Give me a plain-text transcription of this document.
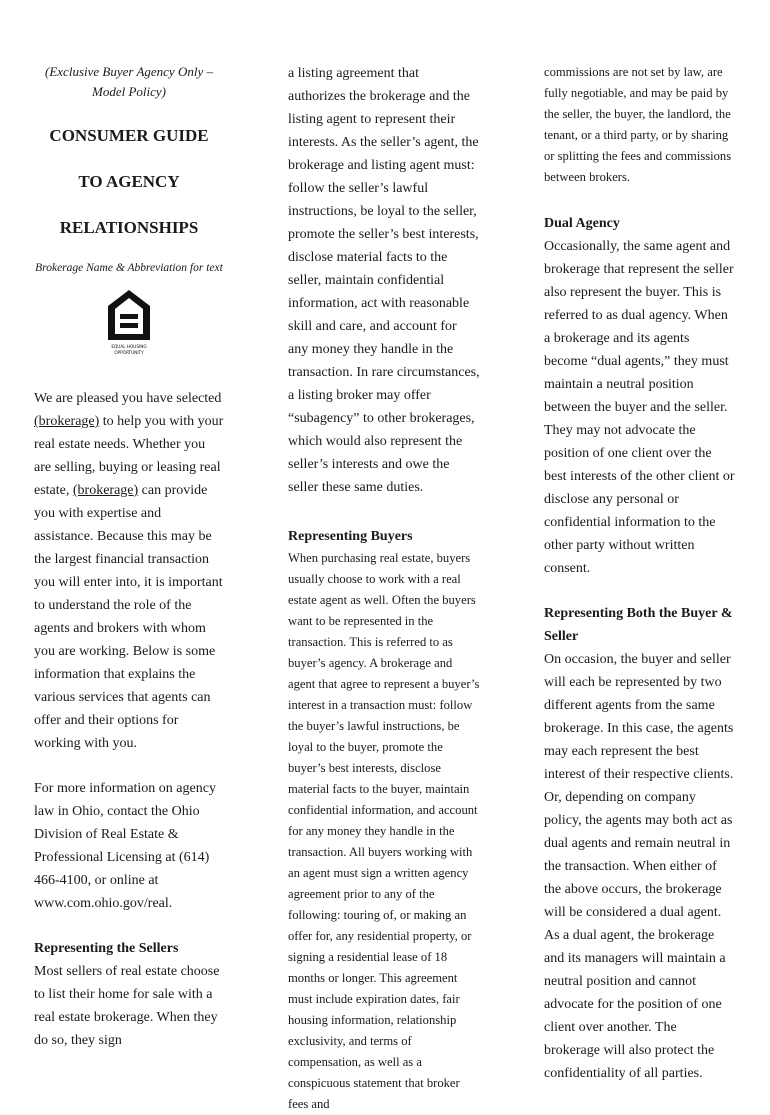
(Exclusive Buyer Agency Only – Model Policy)
CONSUMER GUIDE
TO AGENCY
RELATIONSHIPS
Brokerage Name & Abbreviation for text
EQUAL HOUSING
OPPORTUNITY

We are pleased you have selected (brokerage) to help you with your real estate needs. Whether you are selling, buying or leasing real estate, (brokerage) can provide you with expertise and assistance. Because this may be the largest financial transaction you will enter into, it is important to understand the role of the agents and brokers with whom you are working. Below is some information that explains the various services that agents can offer and their options for working with you.

For more information on agency law in Ohio, contact the Ohio Division of Real Estate & Professional Licensing at (614) 466-4100, or online at www.com.ohio.gov/real.

Representing the Sellers

Most sellers of real estate choose to list their home for sale with a real estate brokerage. When they do so, they sign

a listing agreement that authorizes the brokerage and the listing agent to represent their interests. As the seller’s agent, the brokerage and listing agent must: follow the seller’s lawful instructions, be loyal to the seller, promote the seller’s best interests, disclose material facts to the seller, maintain confidential information, act with reasonable skill and care, and account for any money they handle in the transaction. In rare circumstances, a listing broker may offer “subagency” to other brokerages, which would also represent the seller’s interests and owe the seller these same duties.

Representing Buyers

When purchasing real estate, buyers usually choose to work with a real estate agent as well. Often the buyers want to be represented in the transaction. This is referred to as buyer’s agency. A brokerage and agent that agree to represent a buyer’s interest in a transaction must: follow the buyer’s lawful instructions, be loyal to the buyer, promote the buyer’s best interests, disclose material facts to the buyer, maintain confidential information, and account for any money they handle in the transaction. All buyers working with an agent must sign a written agency agreement prior to any of the following: touring of, or making an offer for, any residential property, or signing a residential lease of 18 months or longer. This agreement must include expiration dates, fair housing information, relationship exclusivity, and terms of compensation, as well as a conspicuous statement that broker fees and

commissions are not set by law, are fully negotiable, and may be paid by the seller, the buyer, the landlord, the tenant, or a third party, or by sharing or splitting the fees and commissions between brokers.

Dual Agency

Occasionally, the same agent and brokerage that represent the seller also represent the buyer. This is referred to as dual agency. When a brokerage and its agents become “dual agents,” they must maintain a neutral position between the buyer and the seller. They may not advocate the position of one client over the best interests of the other client or disclose any personal or confidential information to the other party without written consent.

Representing Both the Buyer & Seller

On occasion, the buyer and seller will each be represented by two different agents from the same brokerage. In this case, the agents may each represent the best interest of their respective clients. Or, depending on company policy, the agents may both act as dual agents and remain neutral in the transaction. When either of the above occurs, the brokerage will be considered a dual agent. As a dual agent, the brokerage and its managers will maintain a neutral position and cannot advocate for the position of one client over another. The brokerage will also protect the confidentiality of all parties.
